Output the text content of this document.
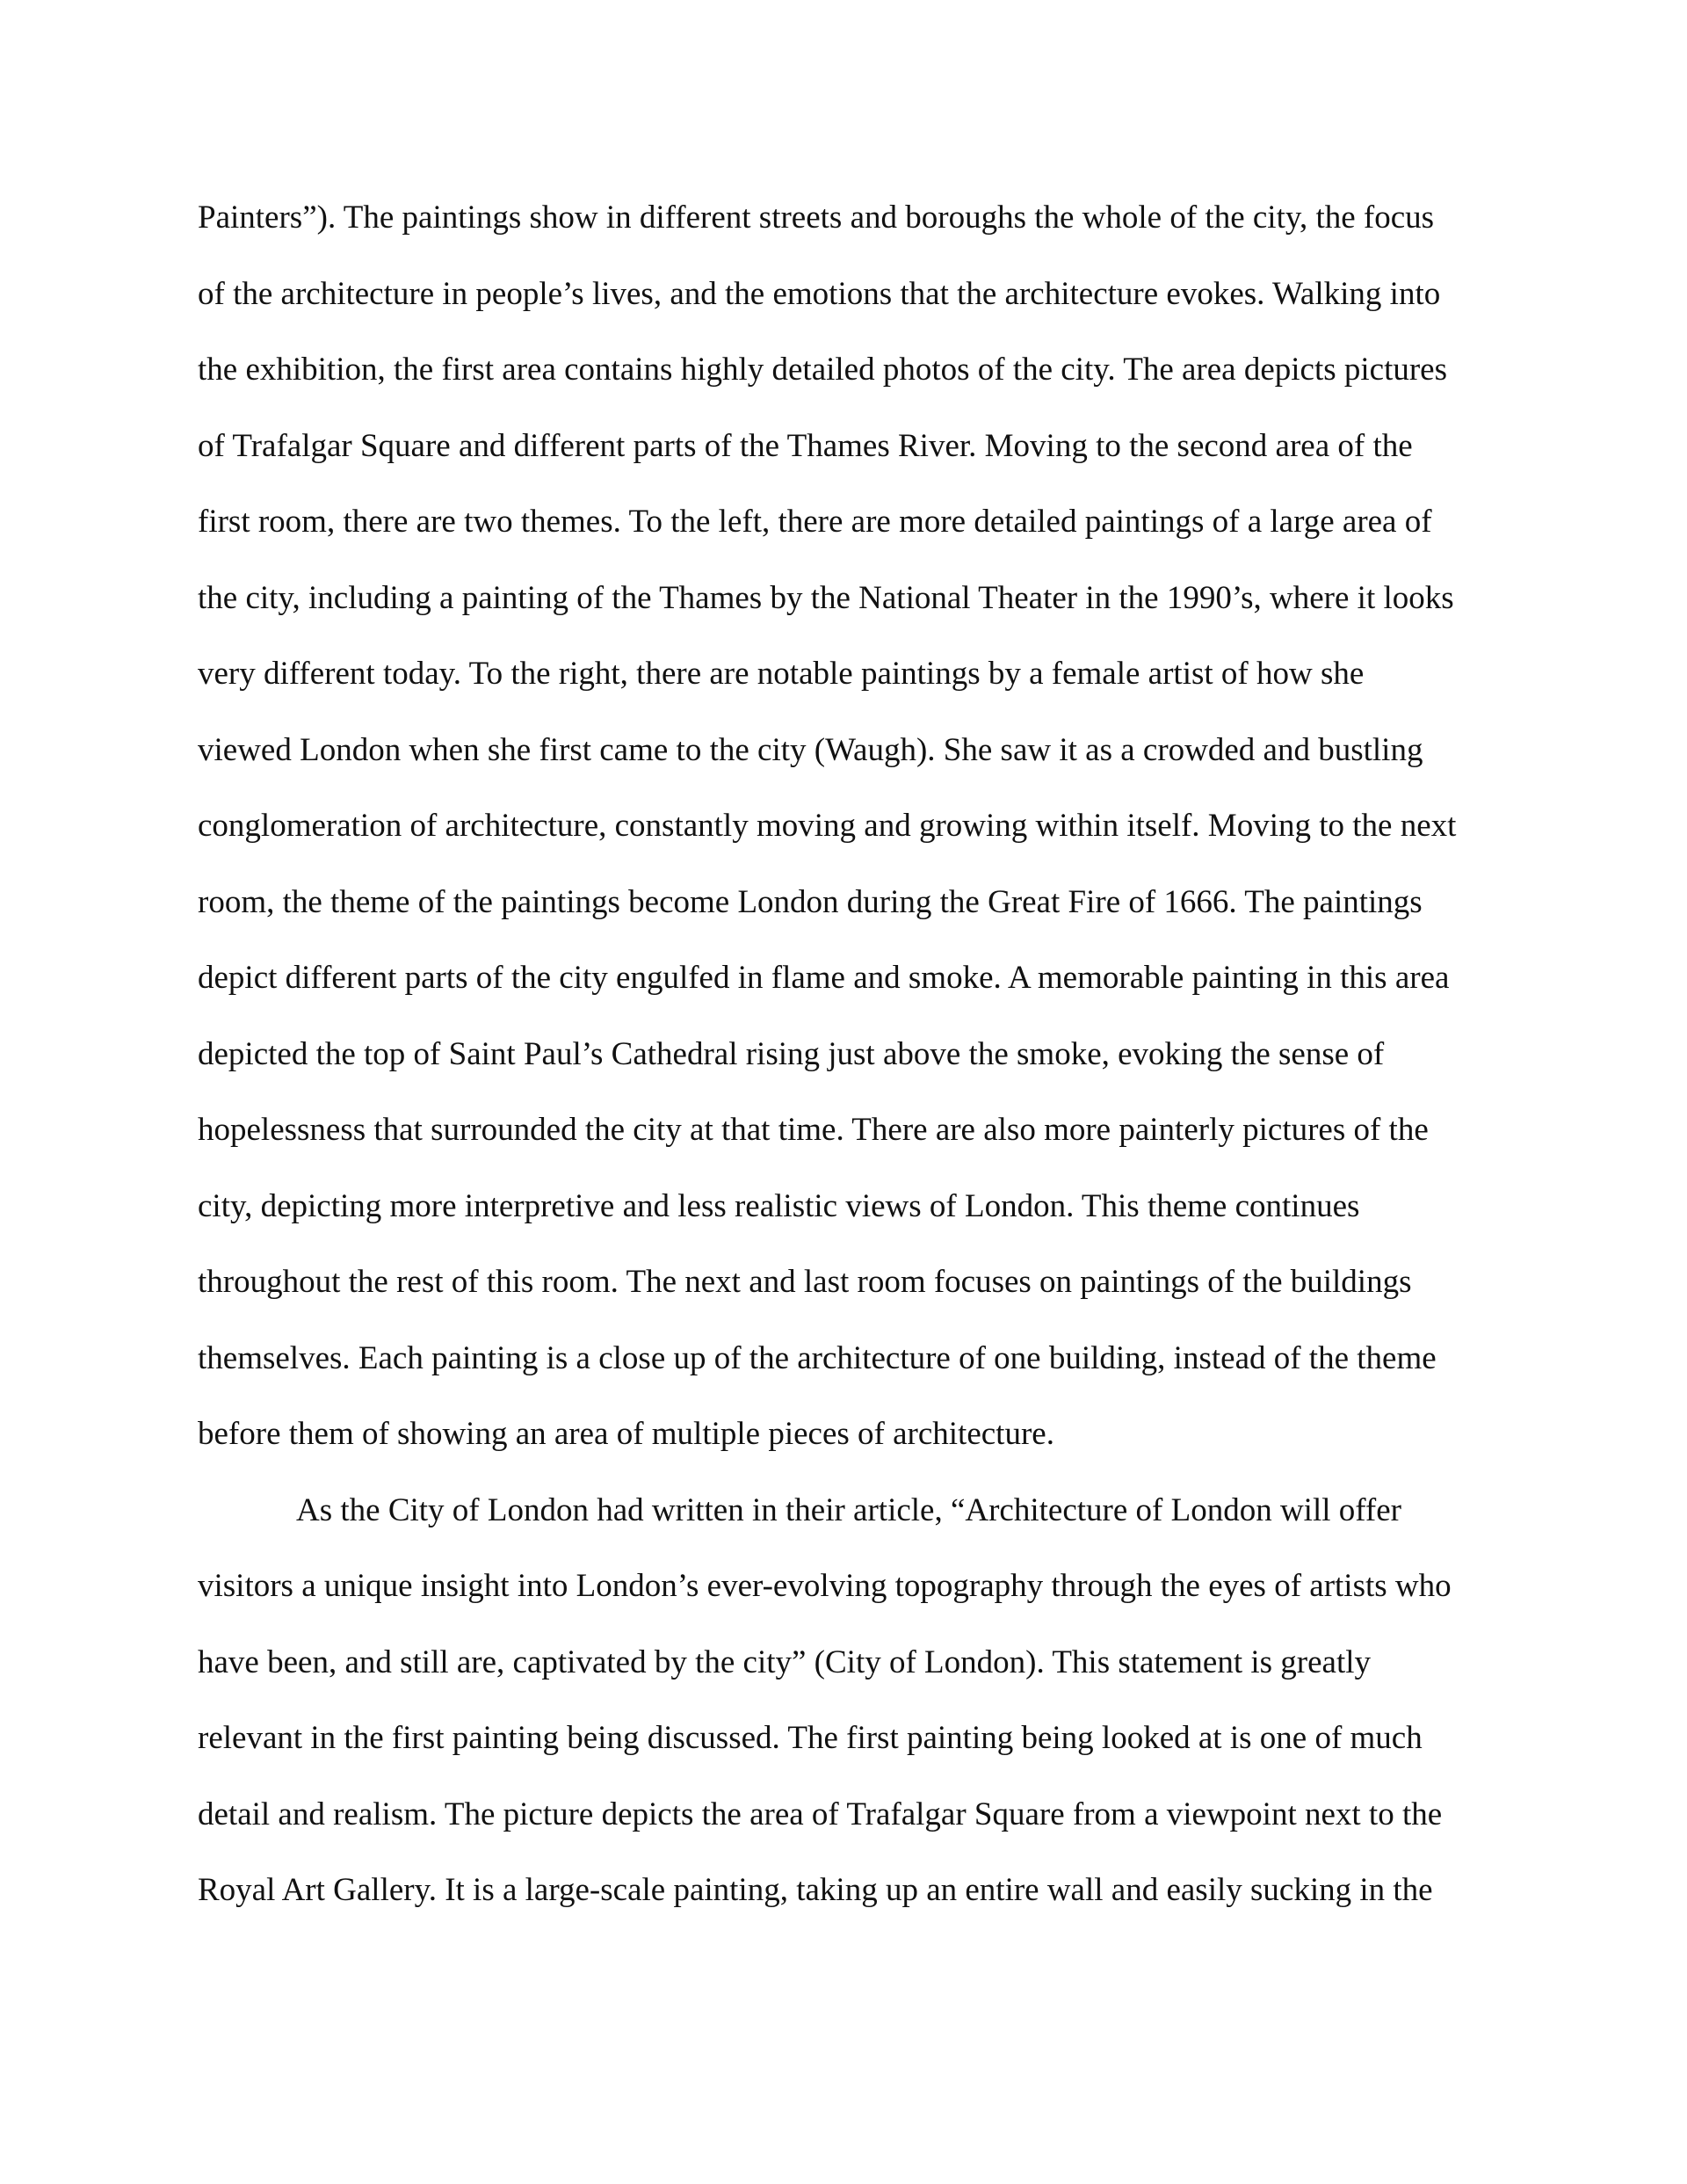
Painters”). The paintings show in different streets and boroughs the whole of the city, the focus
of the architecture in people’s lives, and the emotions that the architecture evokes. Walking into
the exhibition, the first area contains highly detailed photos of the city. The area depicts pictures
of Trafalgar Square and different parts of the Thames River. Moving to the second area of the
first room, there are two themes. To the left, there are more detailed paintings of a large area of
the city, including a painting of the Thames by the National Theater in the 1990’s, where it looks
very different today. To the right, there are notable paintings by a female artist of how she
viewed London when she first came to the city (Waugh). She saw it as a crowded and bustling
conglomeration of architecture, constantly moving and growing within itself. Moving to the next
room, the theme of the paintings become London during the Great Fire of 1666. The paintings
depict different parts of the city engulfed in flame and smoke. A memorable painting in this area
depicted the top of Saint Paul’s Cathedral rising just above the smoke, evoking the sense of
hopelessness that surrounded the city at that time. There are also more painterly pictures of the
city, depicting more interpretive and less realistic views of London. This theme continues
throughout the rest of this room. The next and last room focuses on paintings of the buildings
themselves. Each painting is a close up of the architecture of one building, instead of the theme
before them of showing an area of multiple pieces of architecture.
As the City of London had written in their article, “Architecture of London will offer
visitors a unique insight into London’s ever-evolving topography through the eyes of artists who
have been, and still are, captivated by the city” (City of London). This statement is greatly
relevant in the first painting being discussed. The first painting being looked at is one of much
detail and realism. The picture depicts the area of Trafalgar Square from a viewpoint next to the
Royal Art Gallery. It is a large-scale painting, taking up an entire wall and easily sucking in the
